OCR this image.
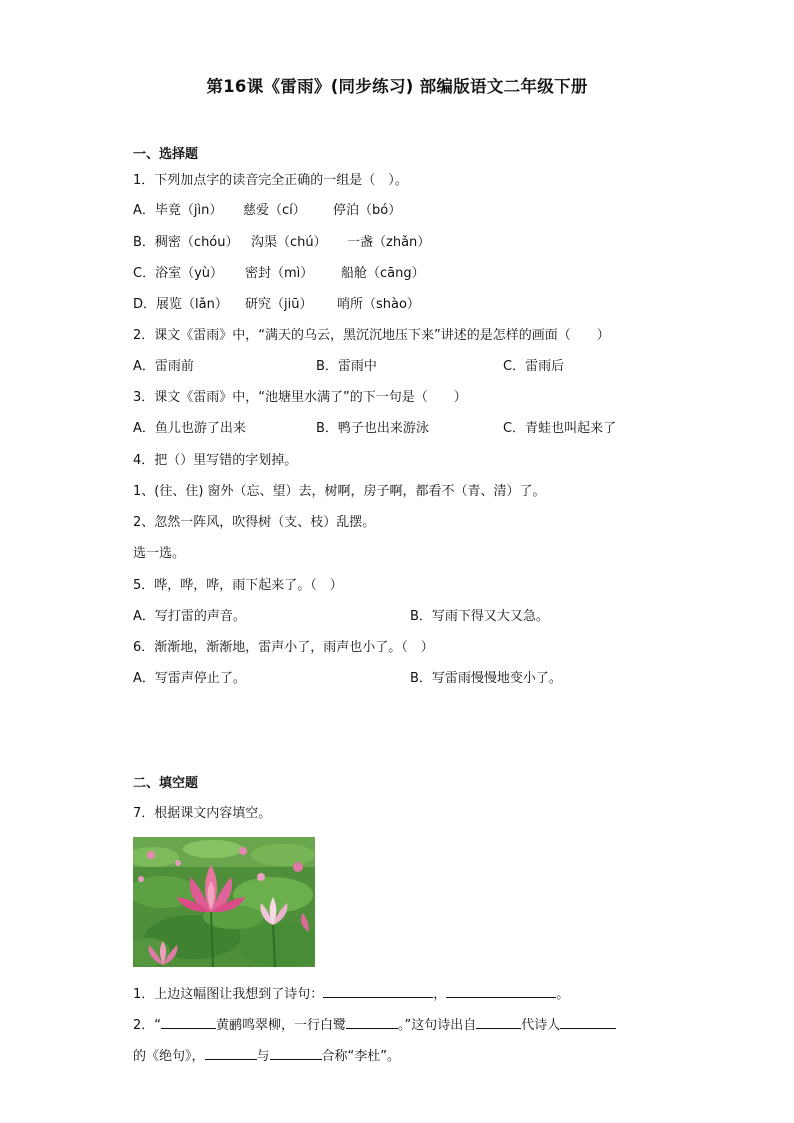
第16课《雷雨》(同步练习) 部编版语文二年级下册
一、选择题
1．下列加点字的读音完全正确的一组是（　）。
A．毕竟（jìn） 慈爱（cí） 停泊（bó）
B．稠密（chóu） 沟渠（chú） 一盏（zhǎn）
C．浴室（yù） 密封（mì） 船舱（cāng）
D．展览（lǎn） 研究（jiū） 哨所（shào）
2．课文《雷雨》中，“满天的乌云，黑沉沉地压下来”讲述的是怎样的画面（　　）
A．雷雨前	B．雷雨中	C．雷雨后
3．课文《雷雨》中，“池塘里水满了”的下一句是（　　）
A．鱼儿也游了出来	B．鸭子也出来游泳	C．青蛙也叫起来了
4．把（）里写错的字划掉。
1、(往、住) 窗外（忘、望）去，树啊，房子啊，都看不（青、清）了。
2、忽然一阵风，吹得树（支、枝）乱摆。
选一选。
5．哗，哗，哗，雨下起来了。（　）
A．写打雷的声音。	B．写雨下得又大又急。
6．渐渐地，渐渐地，雷声小了，雨声也小了。（　）
A．写雷声停止了。	B．写雷雨慢慢地变小了。
二、填空题
7．根据课文内容填空。
1．上边这幅图让我想到了诗句：	，	。
2．“	黄鹂鸣翠柳，一行白鹭	。”这句诗出自	代诗人
的《绝句》，	与	合称“李杜”。
